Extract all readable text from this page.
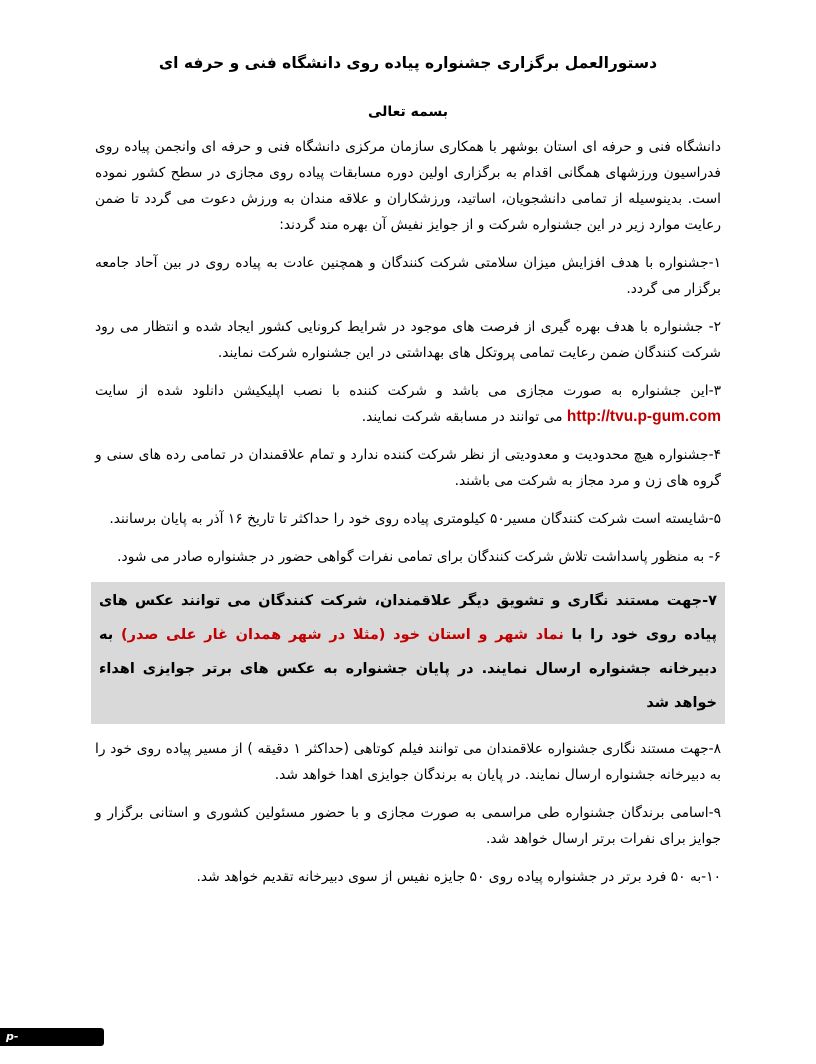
دستورالعمل برگزاری جشنواره پیاده روی دانشگاه فنی و حرفه ای
بسمه تعالی

دانشگاه فنی و حرفه ای استان بوشهر با همکاری سازمان مرکزی دانشگاه فنی و حرفه ای وانجمن پیاده روی فدراسیون ورزشهای همگانی اقدام به برگزاری اولین دوره مسابقات پیاده روی مجازی در سطح کشور نموده است. بدینوسیله از تمامی دانشجویان، اساتید، ورزشکاران و علاقه مندان به ورزش دعوت می گردد تا ضمن رعایت موارد زیر در این جشنواره شرکت و از جوایز نفیش آن بهره مند گردند:

۱-جشنواره با هدف افزایش میزان سلامتی شرکت کنندگان و همچنین عادت به پیاده روی در بین آحاد جامعه برگزار می گردد.

۲- جشنواره با هدف بهره گیری از فرصت های موجود در شرایط کرونایی کشور ایجاد شده و انتظار می رود شرکت کنندگان ضمن رعایت تمامی پروتکل های بهداشتی در این جشنواره شرکت نمایند.

۳-این جشنواره به صورت مجازی می باشد و شرکت کننده با نصب اپلیکیشن دانلود شده از سایت http://tvu.p-gum.com می توانند در مسابقه شرکت نمایند.

۴-جشنواره هیچ محدودیت و معدودیتی از نظر شرکت کننده ندارد و تمام علاقمندان در تمامی رده های سنی و گروه های زن و مرد مجاز به شرکت می باشند.

۵-شایسته است شرکت کنندگان مسیر۵۰ کیلومتری پیاده روی خود را حداکثر تا تاریخ ۱۶ آذر به پایان برسانند.

۶- به منظور پاسداشت تلاش شرکت کنندگان برای تمامی نفرات گواهی حضور در جشنواره صادر می شود.

۷-جهت مستند نگاری و تشویق دیگر علاقمندان، شرکت کنندگان می توانند عکس های پیاده روی خود را با نماد شهر و استان خود (مثلا در شهر همدان غار علی صدر) به دبیرخانه جشنواره ارسال نمایند. در پایان جشنواره به عکس های برتر جوایزی اهداء خواهد شد

۸-جهت مستند نگاری جشنواره علاقمندان می توانند فیلم کوتاهی (حداکثر ۱ دقیقه ) از مسیر پیاده روی خود را به دبیرخانه جشنواره ارسال نمایند. در پایان به برندگان جوایزی اهدا خواهد شد.

۹-اسامی برندگان جشنواره طی مراسمی به صورت مجازی و با حضور مسئولین کشوری و استانی برگزار و جوایز برای نفرات برتر ارسال خواهد شد.

۱۰-به ۵۰ فرد برتر در جشنواره پیاده روی ۵۰ جایزه نفیس از سوی دبیرخانه تقدیم خواهد شد.

p-rasht.nus.ac.ir
